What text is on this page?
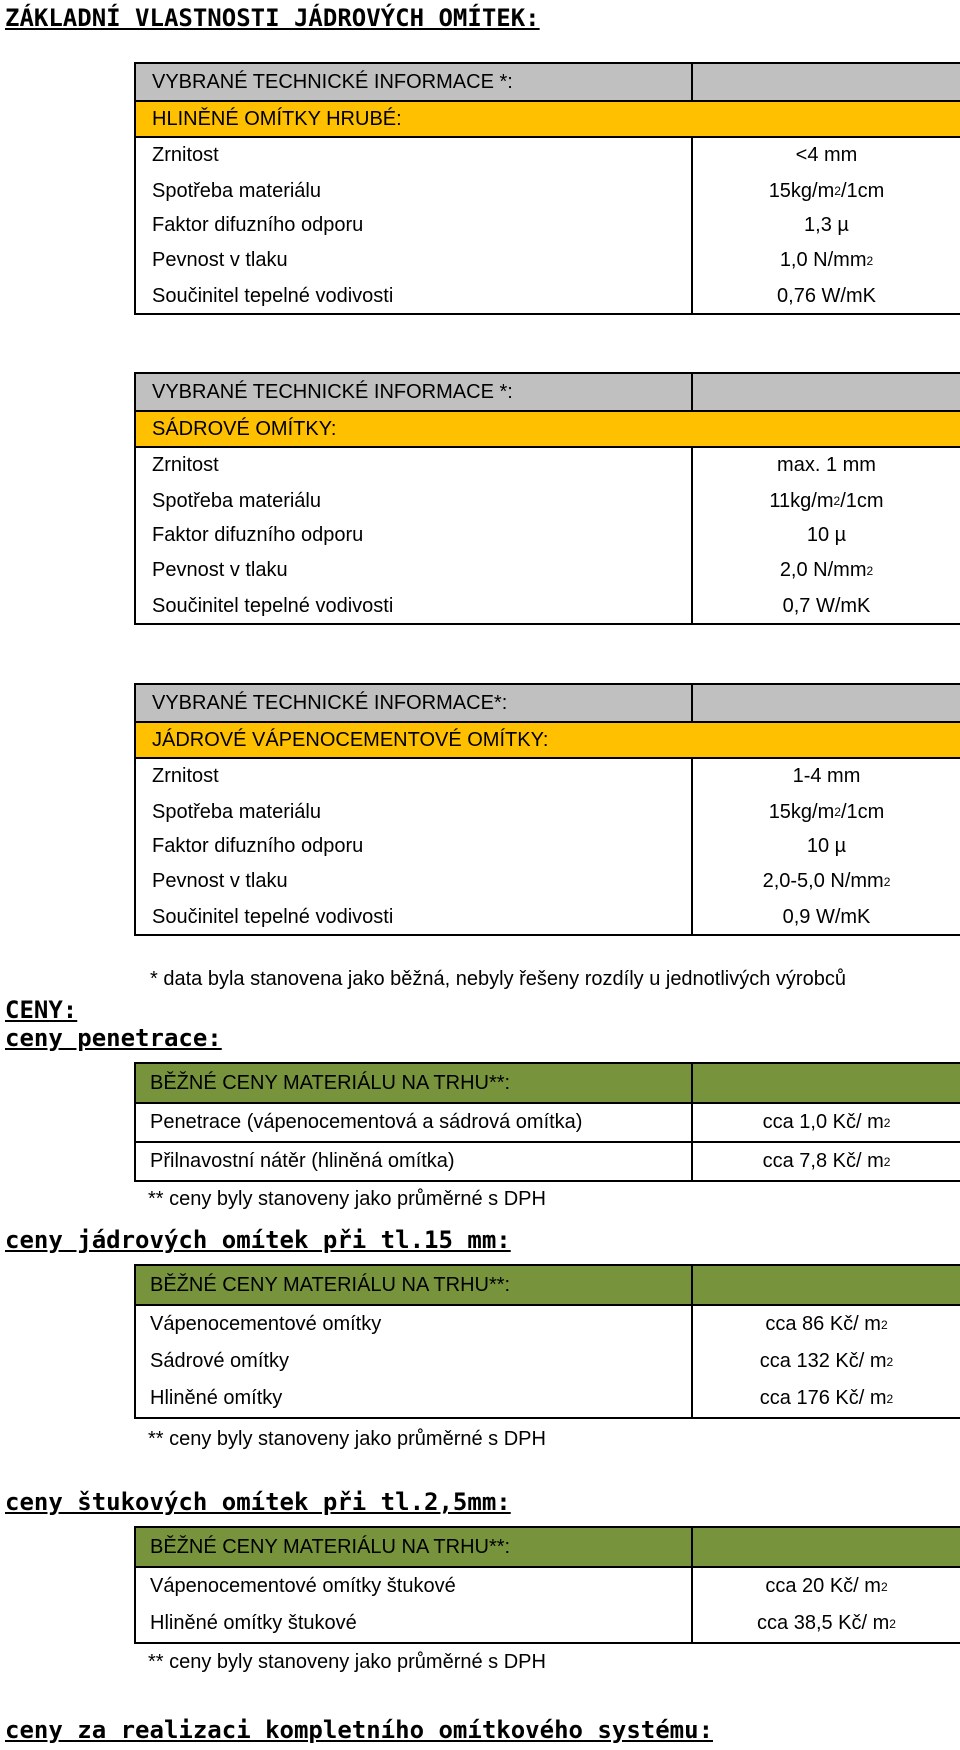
ZÁKLADNÍ VLASTNOSTI JÁDROVÝCH OMÍTEK:
VYBRANÉ TECHNICKÉ INFORMACE *:
HLINĚNÉ OMÍTKY HRUBÉ:
Zrnitost	<4 mm
Spotřeba materiálu	15kg/m 2 /1cm
Faktor difuzního odporu	1,3 µ
Pevnost v tlaku	1,0 N/mm 2
Součinitel tepelné vodivosti	0,76 W/mK
VYBRANÉ TECHNICKÉ INFORMACE *:
SÁDROVÉ OMÍTKY:
Zrnitost	max. 1 mm
Spotřeba materiálu	11kg/m 2 /1cm
Faktor difuzního odporu	10 µ
Pevnost v tlaku	2,0 N/mm 2
Součinitel tepelné vodivosti	0,7 W/mK
VYBRANÉ TECHNICKÉ INFORMACE*:
JÁDROVÉ VÁPENOCEMENTOVÉ OMÍTKY:
Zrnitost	1-4 mm
Spotřeba materiálu	15kg/m 2 /1cm
Faktor difuzního odporu	10 µ
Pevnost v tlaku	2,0-5,0 N/mm 2
Součinitel tepelné vodivosti	0,9 W/mK
* data byla stanovena jako běžná, nebyly řešeny rozdíly u jednotlivých výrobců
CENY:
ceny penetrace:
BĚŽNÉ CENY MATERIÁLU NA TRHU**:
Penetrace (vápenocementová a sádrová omítka)	cca 1,0 Kč/ m 2
Přilnavostní nátěr (hliněná omítka)	cca 7,8 Kč/ m 2
** ceny byly stanoveny jako průměrné s DPH
ceny jádrových omítek při tl.15 mm:
BĚŽNÉ CENY MATERIÁLU NA TRHU**:
Vápenocementové omítky	cca 86 Kč/ m 2
Sádrové omítky	cca 132 Kč/ m 2
Hliněné omítky	cca 176 Kč/ m 2
** ceny byly stanoveny jako průměrné s DPH
ceny štukových omítek při tl.2,5mm:
BĚŽNÉ CENY MATERIÁLU NA TRHU**:
Vápenocementové omítky štukové	cca 20 Kč/ m 2
Hliněné omítky štukové	cca 38,5 Kč/ m 2
** ceny byly stanoveny jako průměrné s DPH
ceny za realizaci kompletního omítkového systému:
